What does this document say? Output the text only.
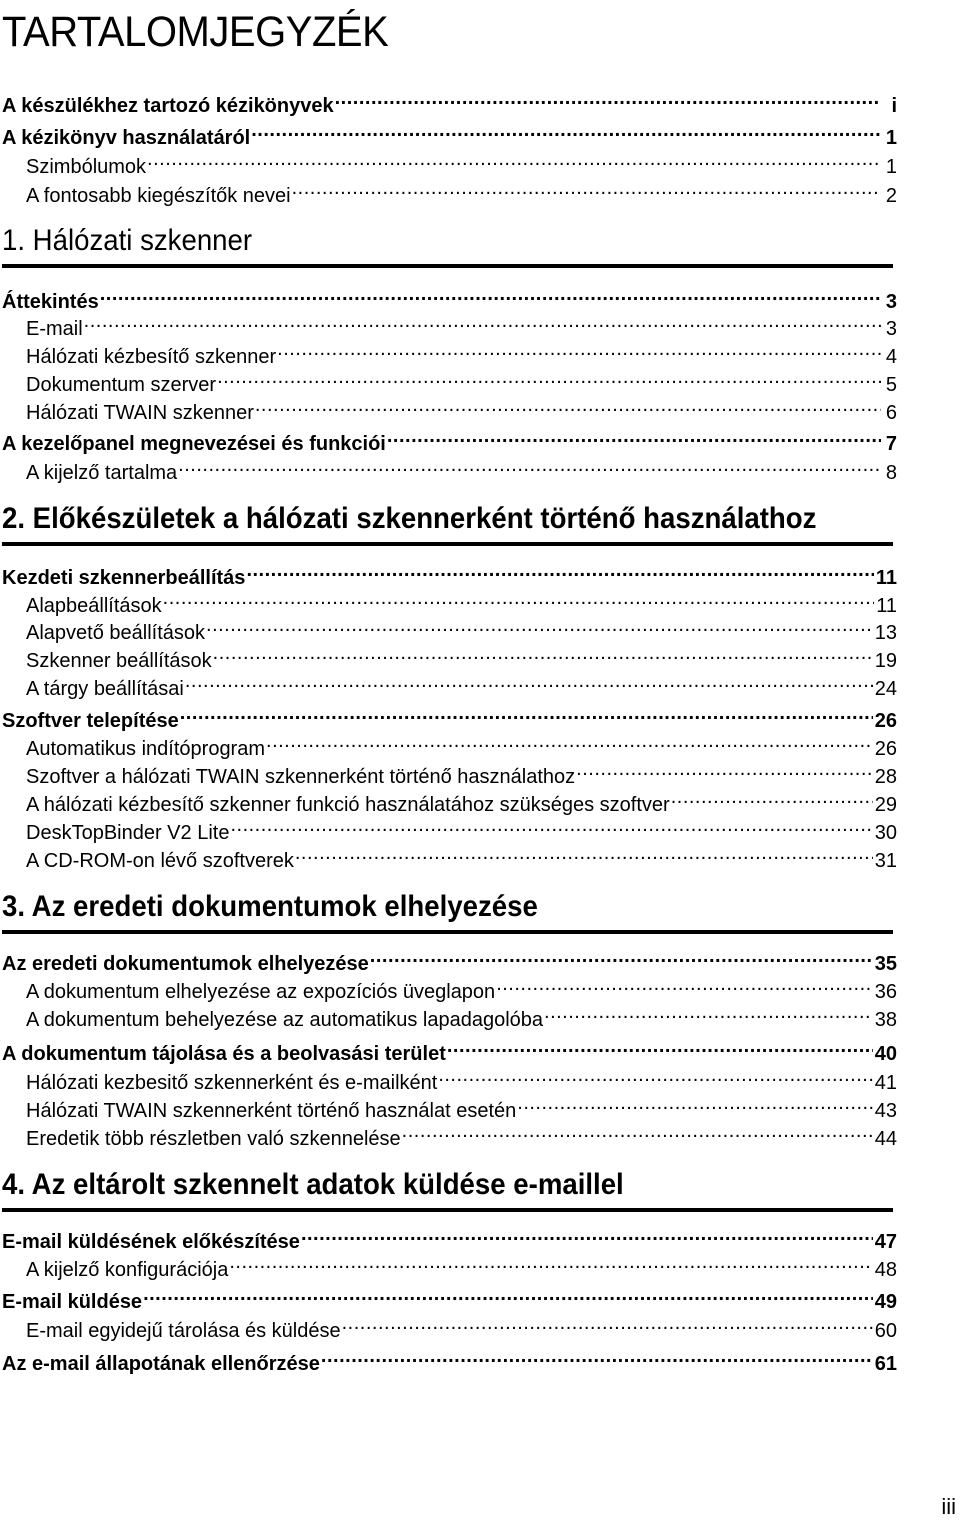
TARTALOMJEGYZÉK
A készülékhez tartozó kézikönyvek .....	i
A kézikönyv használatáról .....	1
Szimbólumok .....	1
A fontosabb kiegészítők nevei .....	2
1. Hálózati szkenner
Áttekintés .....	3
E-mail .....	3
Hálózati kézbesítő szkenner .....	4
Dokumentum szerver .....	5
Hálózati TWAIN szkenner .....	6
A kezelőpanel megnevezései és funkciói .....	7
A kijelző tartalma .....	8
2. Előkészületek a hálózati szkennerként történő használathoz
Kezdeti szkennerbeállítás .....	11
Alapbeállítások .....	11
Alapvető beállítások .....	13
Szkenner beállítások .....	19
A tárgy beállításai .....	24
Szoftver telepítése .....	26
Automatikus indítóprogram .....	26
Szoftver a hálózati TWAIN szkennerként történő használathoz .....	28
A hálózati kézbesítő szkenner funkció használatához szükséges szoftver .....	29
DeskTopBinder V2 Lite .....	30
A CD-ROM-on lévő szoftverek .....	31
3. Az eredeti dokumentumok elhelyezése
Az eredeti dokumentumok elhelyezése .....	35
A dokumentum elhelyezése az expozíciós üveglapon .....	36
A dokumentum behelyezése az automatikus lapadagolóba .....	38
A dokumentum tájolása és a beolvasási terület .....	40
Hálózati kezbesitő szkennerként és e-mailként .....	41
Hálózati TWAIN szkennerként történő használat esetén .....	43
Eredetik több részletben való szkennelése .....	44
4. Az eltárolt szkennelt adatok küldése e-maillel
E-mail küldésének előkészítése .....	47
A kijelző konfigurációja .....	48
E-mail küldése .....	49
E-mail egyidejű tárolása és küldése .....	60
Az e-mail állapotának ellenőrzése .....	61
iii
